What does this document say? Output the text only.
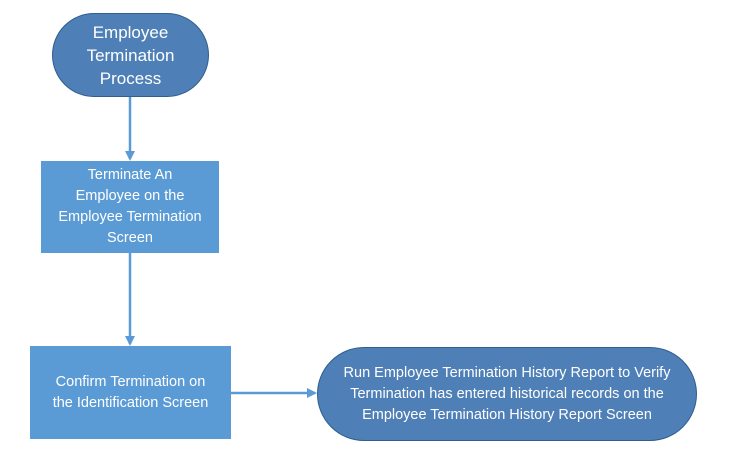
Employee
Termination
Process
Terminate An
Employee on the
Employee Termination
Screen
Confirm Termination on
the Identification Screen
Run Employee Termination History Report to Verify
Termination has entered historical records on the
Employee Termination History Report Screen
